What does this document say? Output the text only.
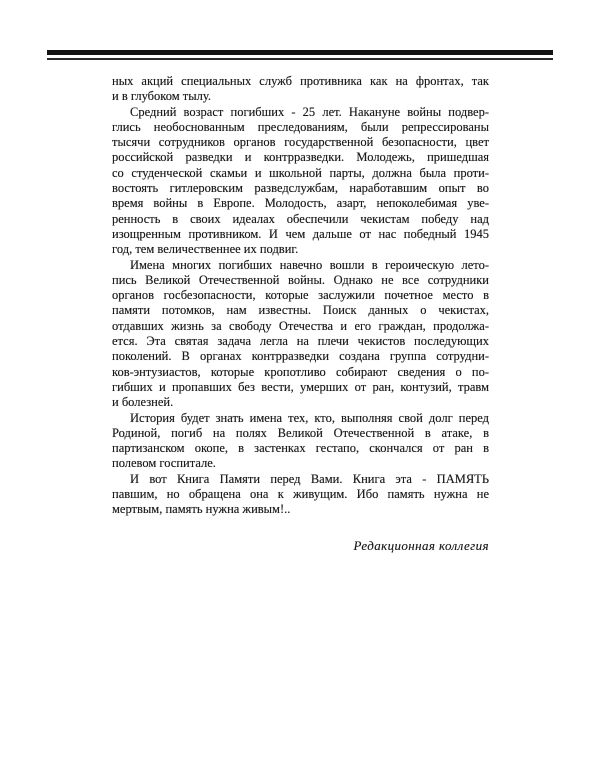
ных акций специальных служб противника как на фронтах, так
и в глубоком тылу.
Средний возраст погибших - 25 лет. Накануне войны подвер-
глись необоснованным преследованиям, были репрессированы
тысячи сотрудников органов государственной безопасности, цвет
российской разведки и контрразведки. Молодежь, пришедшая
со студенческой скамьи и школьной парты, должна была проти-
востоять гитлеровским разведслужбам, наработавшим опыт во
время войны в Европе. Молодость, азарт, непоколебимая уве-
ренность в своих идеалах обеспечили чекистам победу над
изощренным противником. И чем дальше от нас победный 1945
год, тем величественнее их подвиг.
Имена многих погибших навечно вошли в героическую лето-
пись Великой Отечественной войны. Однако не все сотрудники
органов госбезопасности, которые заслужили почетное место в
памяти потомков, нам известны. Поиск данных о чекистах,
отдавших жизнь за свободу Отечества и его граждан, продолжа-
ется. Эта святая задача легла на плечи чекистов последующих
поколений. В органах контрразведки создана группа сотрудни-
ков-энтузиастов, которые кропотливо собирают сведения о по-
гибших и пропавших без вести, умерших от ран, контузий, травм
и болезней.
История будет знать имена тех, кто, выполняя свой долг перед
Родиной, погиб на полях Великой Отечественной в атаке, в
партизанском окопе, в застенках гестапо, скончался от ран в
полевом госпитале.
И вот Книга Памяти перед Вами. Книга эта - ПАМЯТЬ
павшим, но обращена она к живущим. Ибо память нужна не
мертвым, память нужна живым!..
Редакционная коллегия
